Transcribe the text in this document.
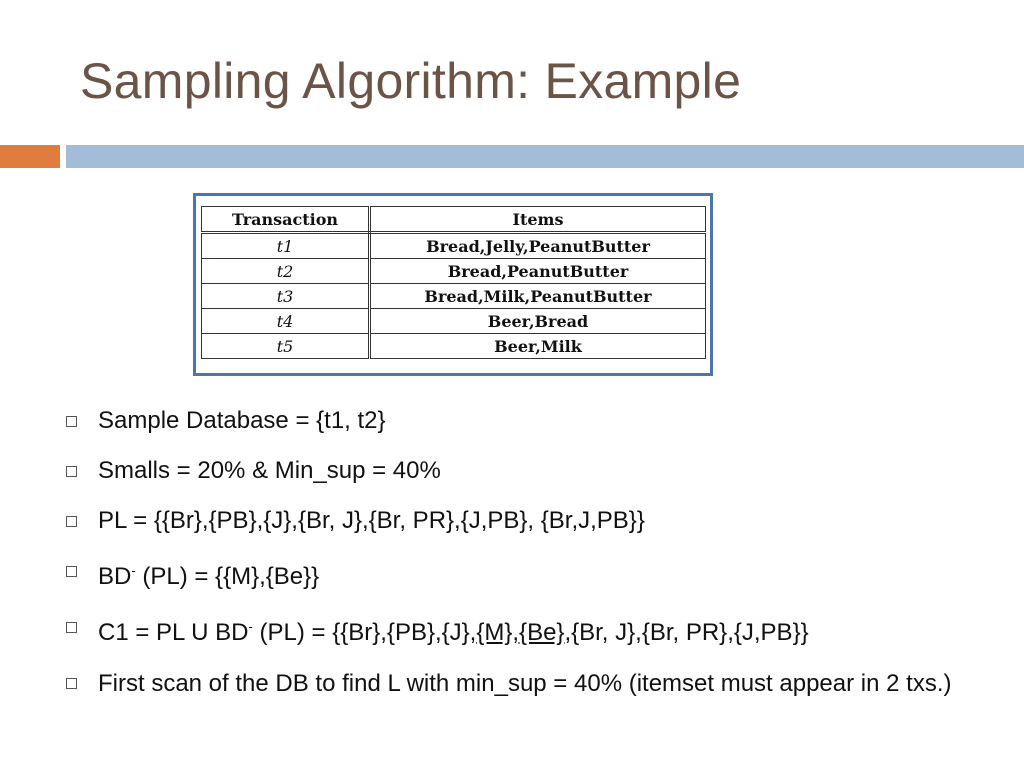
Sampling Algorithm: Example
Transaction	Items
t1	Bread,Jelly,PeanutButter
t2	Bread,PeanutButter
t3	Bread,Milk,PeanutButter
t4	Beer,Bread
t5	Beer,Milk
Sample Database = {t1, t2}
Smalls = 20% & Min_sup = 40%
PL = {{Br},{PB},{J},{Br, J},{Br, PR},{J,PB}, {Br,J,PB}}
BD- (PL) = {{M},{Be}}
C1 = PL U BD- (PL) = {{Br},{PB},{J},{M},{Be},{Br, J},{Br, PR},{J,PB}}
First scan of the DB to find L with min_sup = 40% (itemset must appear in 2 txs.)
